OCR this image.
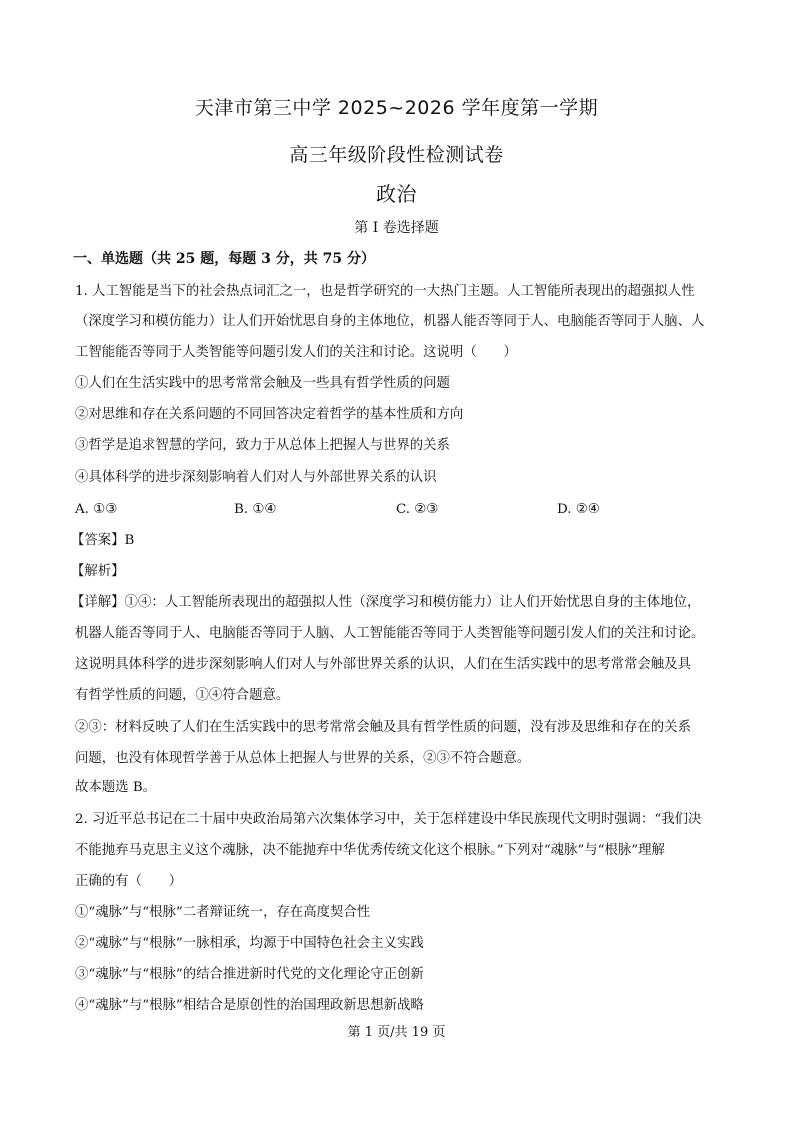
天津市第三中学 2025~2026 学年度第一学期
高三年级阶段性检测试卷
政治
第 I 卷选择题
一、单选题（共 25 题，每题 3 分，共 75 分）
1. 人工智能是当下的社会热点词汇之一，也是哲学研究的一大热门主题。人工智能所表现出的超强拟人性
（深度学习和模仿能力）让人们开始忧思自身的主体地位，机器人能否等同于人、电脑能否等同于人脑、人
工智能能否等同于人类智能等问题引发人们的关注和讨论。这说明（　　）
①人们在生活实践中的思考常常会触及一些具有哲学性质的问题
②对思维和存在关系问题的不同回答决定着哲学的基本性质和方向
③哲学是追求智慧的学问，致力于从总体上把握人与世界的关系
④具体科学的进步深刻影响着人们对人与外部世界关系的认识
A. ①③	B. ①④	C. ②③	D. ②④
【答案】B
【解析】
【详解】①④：人工智能所表现出的超强拟人性（深度学习和模仿能力）让人们开始忧思自身的主体地位，
机器人能否等同于人、电脑能否等同于人脑、人工智能能否等同于人类智能等问题引发人们的关注和讨论。
这说明具体科学的进步深刻影响人们对人与外部世界关系的认识，人们在生活实践中的思考常常会触及具
有哲学性质的问题，①④符合题意。
②③：材料反映了人们在生活实践中的思考常常会触及具有哲学性质的问题，没有涉及思维和存在的关系
问题，也没有体现哲学善于从总体上把握人与世界的关系，②③不符合题意。
故本题选 B。
2. 习近平总书记在二十届中央政治局第六次集体学习中，关于怎样建设中华民族现代文明时强调：“我们决
不能抛弃马克思主义这个魂脉，决不能抛弃中华优秀传统文化这个根脉。”下列对“魂脉”与“根脉”理解
正确的有（　　）
①“魂脉”与“根脉”二者辩证统一，存在高度契合性
②“魂脉”与“根脉”一脉相承，均源于中国特色社会主义实践
③“魂脉”与“根脉”的结合推进新时代党的文化理论守正创新
④“魂脉”与“根脉”相结合是原创性的治国理政新思想新战略
第 1 页/共 19 页
